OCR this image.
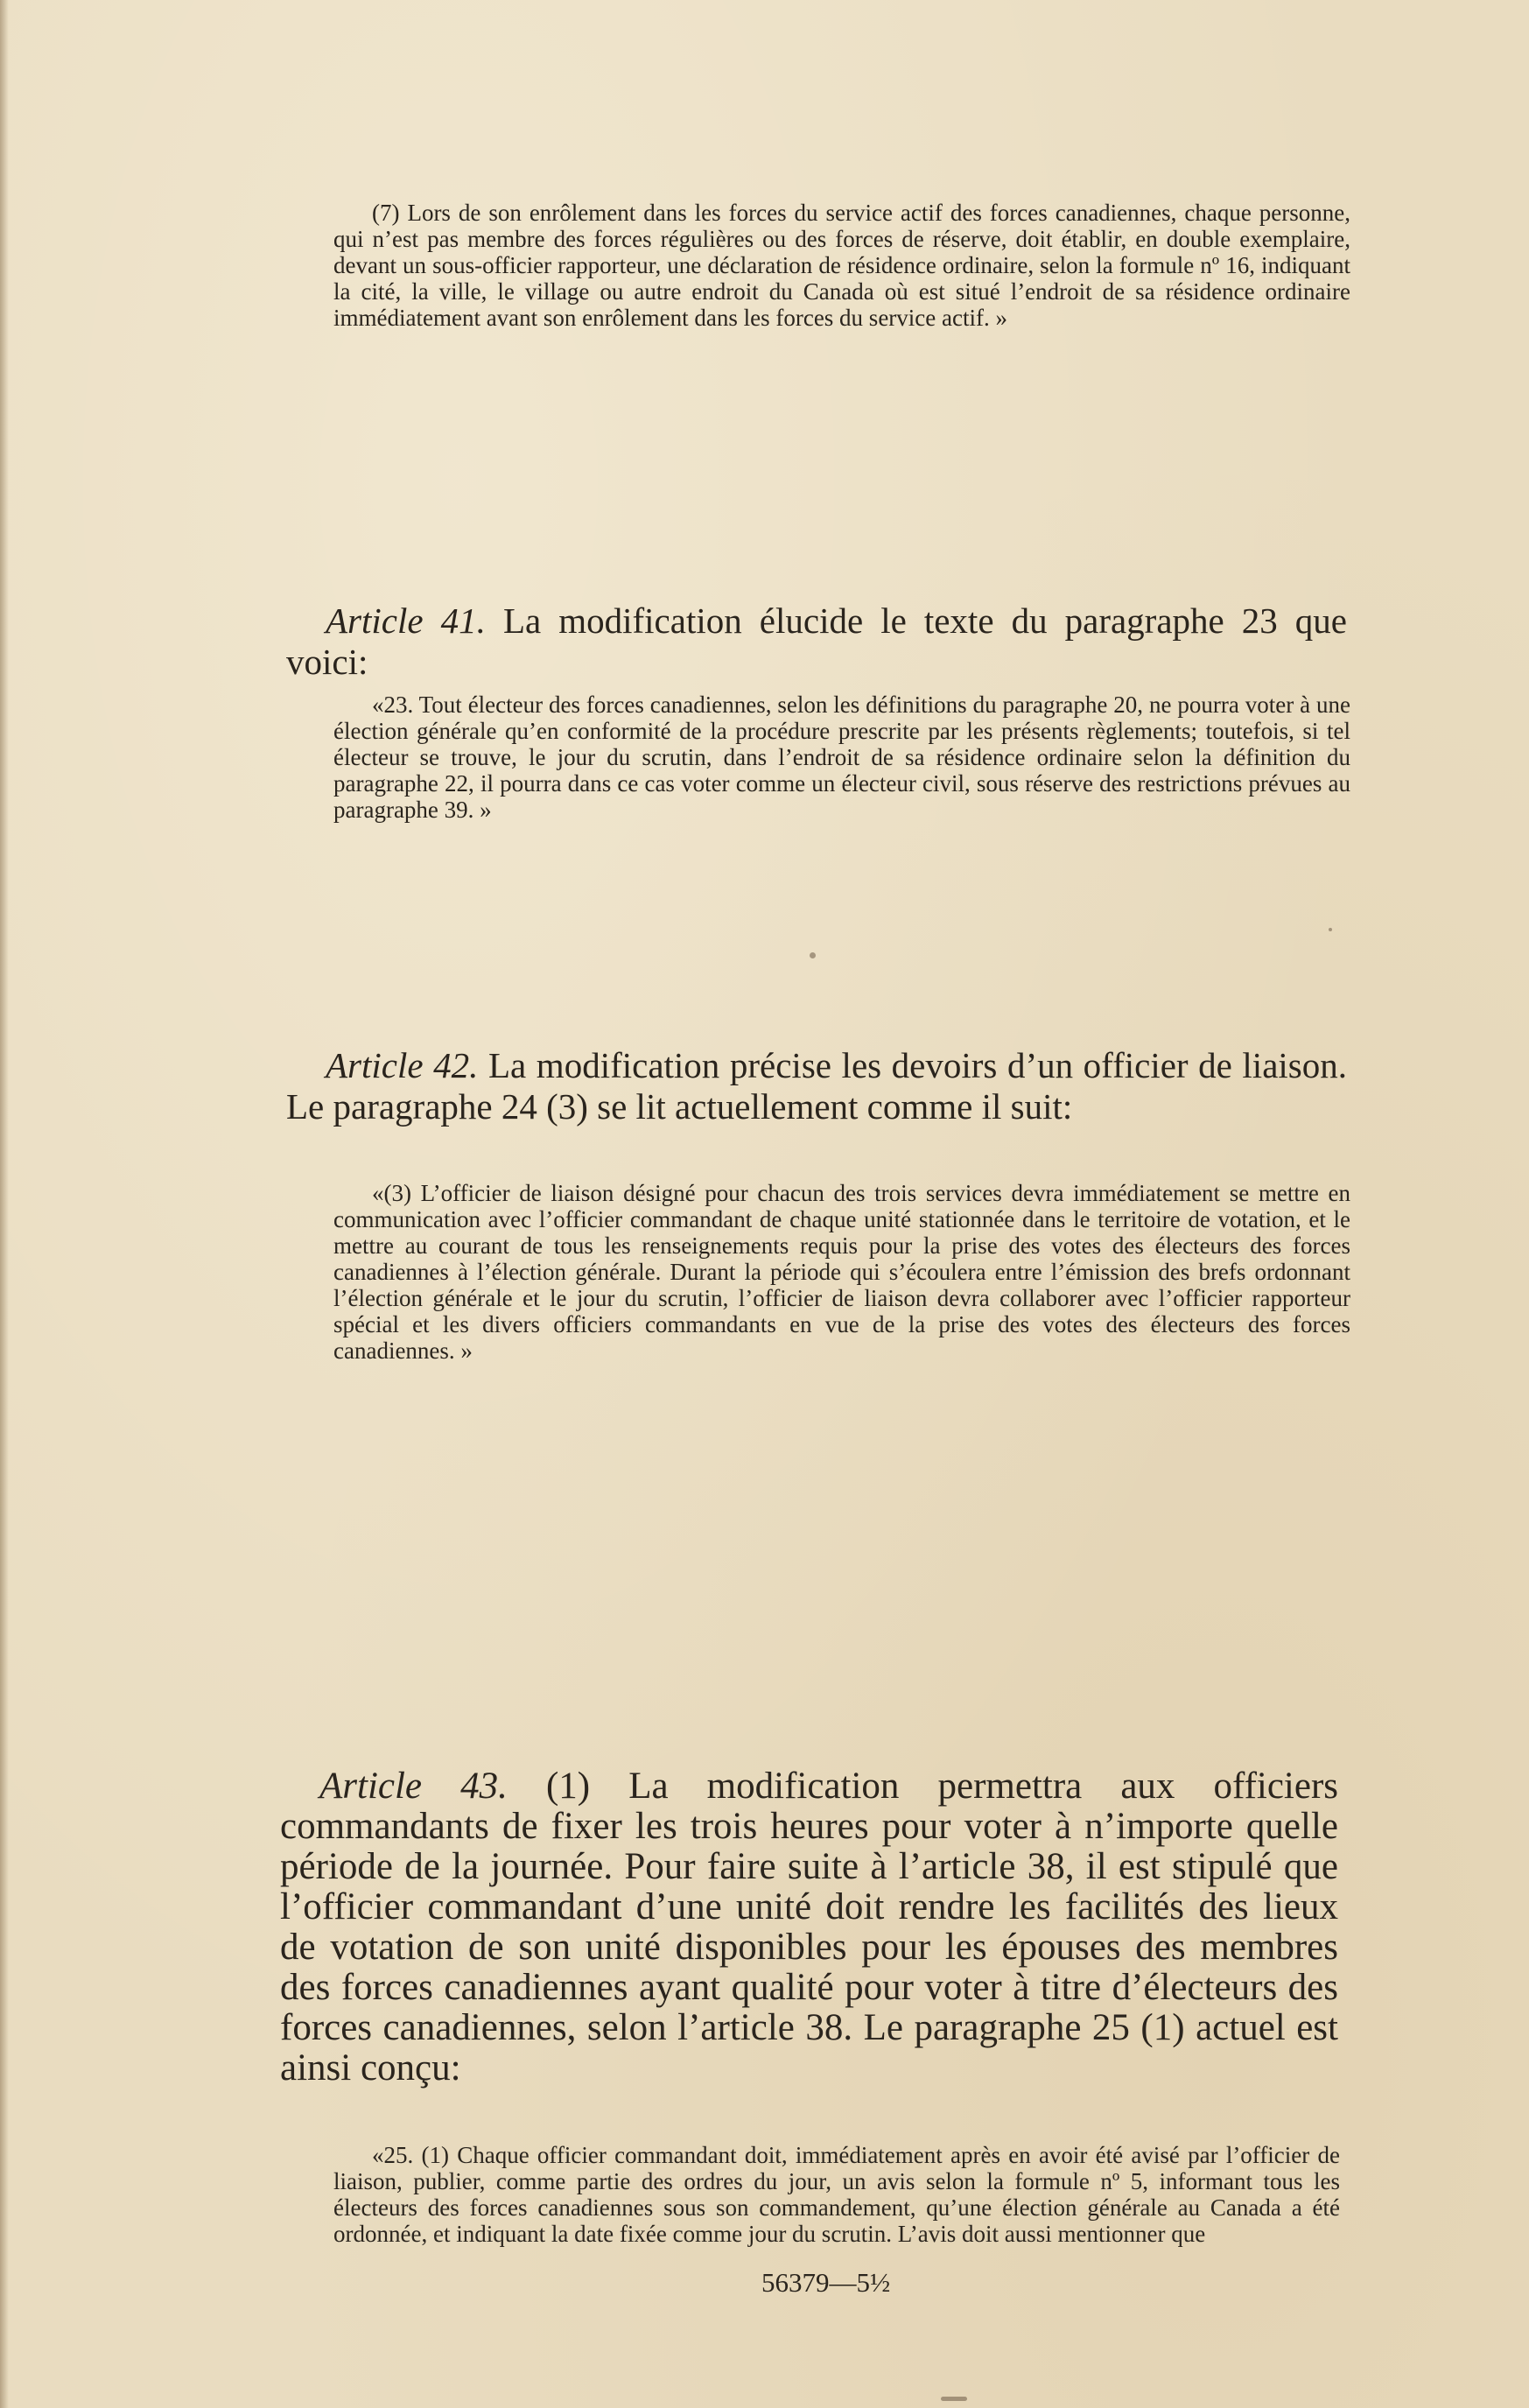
(7) Lors de son enrôlement dans les forces du service actif des forces canadiennes, chaque personne, qui n’est pas membre des forces régulières ou des forces de réserve, doit établir, en double exemplaire, devant un sous-officier rapporteur, une déclaration de résidence ordinaire, selon la formule nº 16, indiquant la cité, la ville, le village ou autre endroit du Canada où est situé l’endroit de sa résidence ordinaire immédiatement avant son enrôlement dans les forces du service actif. »

Article 41. La modification élucide le texte du paragraphe 23 que voici:

«23. Tout électeur des forces canadiennes, selon les définitions du paragraphe 20, ne pourra voter à une élection générale qu’en conformité de la procédure prescrite par les présents règlements; toutefois, si tel électeur se trouve, le jour du scrutin, dans l’endroit de sa résidence ordinaire selon la définition du paragraphe 22, il pourra dans ce cas voter comme un électeur civil, sous réserve des restrictions prévues au paragraphe 39. »

Article 42. La modification précise les devoirs d’un officier de liaison. Le paragraphe 24 (3) se lit actuellement comme il suit:

«(3) L’officier de liaison désigné pour chacun des trois services devra immédiatement se mettre en communication avec l’officier commandant de chaque unité stationnée dans le territoire de votation, et le mettre au courant de tous les renseignements requis pour la prise des votes des électeurs des forces canadiennes à l’élection générale. Durant la période qui s’écoulera entre l’émission des brefs ordonnant l’élection générale et le jour du scrutin, l’officier de liaison devra collaborer avec l’officier rapporteur spécial et les divers officiers commandants en vue de la prise des votes des électeurs des forces canadiennes. »

Article 43. (1) La modification permettra aux officiers commandants de fixer les trois heures pour voter à n’importe quelle période de la journée. Pour faire suite à l’article 38, il est stipulé que l’officier commandant d’une unité doit rendre les facilités des lieux de votation de son unité disponibles pour les épouses des membres des forces canadiennes ayant qualité pour voter à titre d’électeurs des forces canadiennes, selon l’article 38. Le paragraphe 25 (1) actuel est ainsi conçu:

«25. (1) Chaque officier commandant doit, immédiatement après en avoir été avisé par l’officier de liaison, publier, comme partie des ordres du jour, un avis selon la formule nº 5, informant tous les électeurs des forces canadiennes sous son commandement, qu’une élection générale au Canada a été ordonnée, et indiquant la date fixée comme jour du scrutin. L’avis doit aussi mentionner que

56379—5½
